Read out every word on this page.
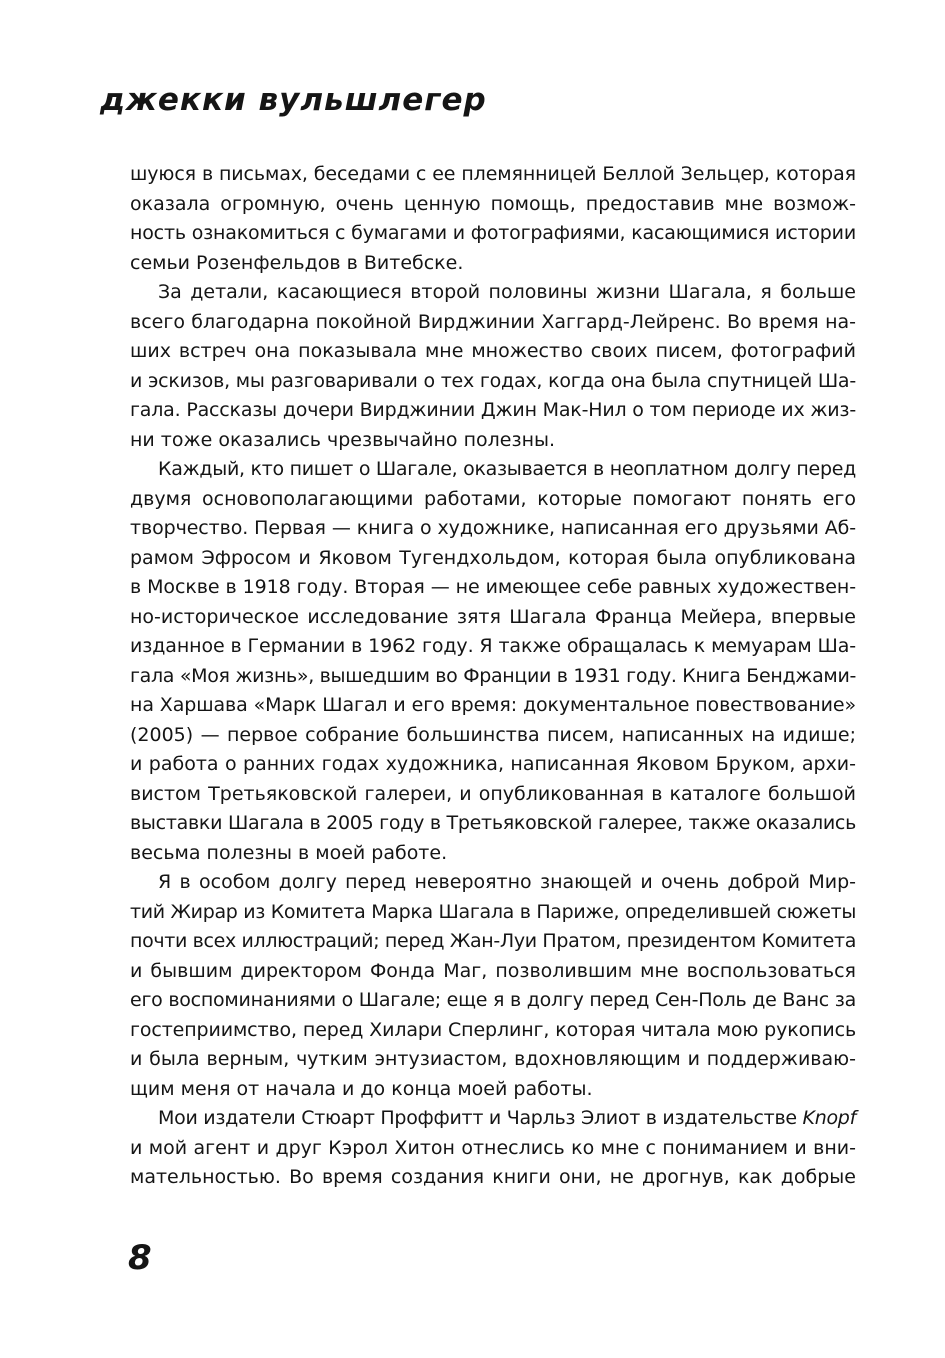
джекки вульшлегер
шуюся в письмах, беседами с ее племянницей Беллой Зельцер, которая
оказала огромную, очень ценную помощь, предоставив мне возмож-
ность ознакомиться с бумагами и фотографиями, касающимися истории
семьи Розенфельдов в Витебске.
За детали, касающиеся второй половины жизни Шагала, я больше
всего благодарна покойной Вирджинии Хаггард-Лейренс. Во время на-
ших встреч она показывала мне множество своих писем, фотографий
и эскизов, мы разговаривали о тех годах, когда она была спутницей Ша-
гала. Рассказы дочери Вирджинии Джин Мак-Нил о том периоде их жиз-
ни тоже оказались чрезвычайно полезны.
Каждый, кто пишет о Шагале, оказывается в неоплатном долгу перед
двумя основополагающими работами, которые помогают понять его
творчество. Первая — книга о художнике, написанная его друзьями Аб-
рамом Эфросом и Яковом Тугендхольдом, которая была опубликована
в Москве в 1918 году. Вторая — не имеющее себе равных художествен-
но-историческое исследование зятя Шагала Франца Мейера, впервые
изданное в Германии в 1962 году. Я также обращалась к мемуарам Ша-
гала «Моя жизнь», вышедшим во Франции в 1931 году. Книга Бенджами-
на Харшава «Марк Шагал и его время: документальное повествование»
(2005) — первое собрание большинства писем, написанных на идише;
и работа о ранних годах художника, написанная Яковом Бруком, архи-
вистом Третьяковской галереи, и опубликованная в каталоге большой
выставки Шагала в 2005 году в Третьяковской галерее, также оказались
весьма полезны в моей работе.
Я в особом долгу перед невероятно знающей и очень доброй Мир-
тий Жирар из Комитета Марка Шагала в Париже, определившей сюжеты
почти всех иллюстраций; перед Жан-Луи Пратом, президентом Комитета
и бывшим директором Фонда Маг, позволившим мне воспользоваться
его воспоминаниями о Шагале; еще я в долгу перед Сен-Поль де Ванс за
гостеприимство, перед Хилари Сперлинг, которая читала мою рукопись
и была верным, чутким энтузиастом, вдохновляющим и поддерживаю-
щим меня от начала и до конца моей работы.
Мои издатели Стюарт Проффитт и Чарльз Элиот в издательстве Knopf
и мой агент и друг Кэрол Хитон отнеслись ко мне с пониманием и вни-
мательностью. Во время создания книги они, не дрогнув, как добрые
8
